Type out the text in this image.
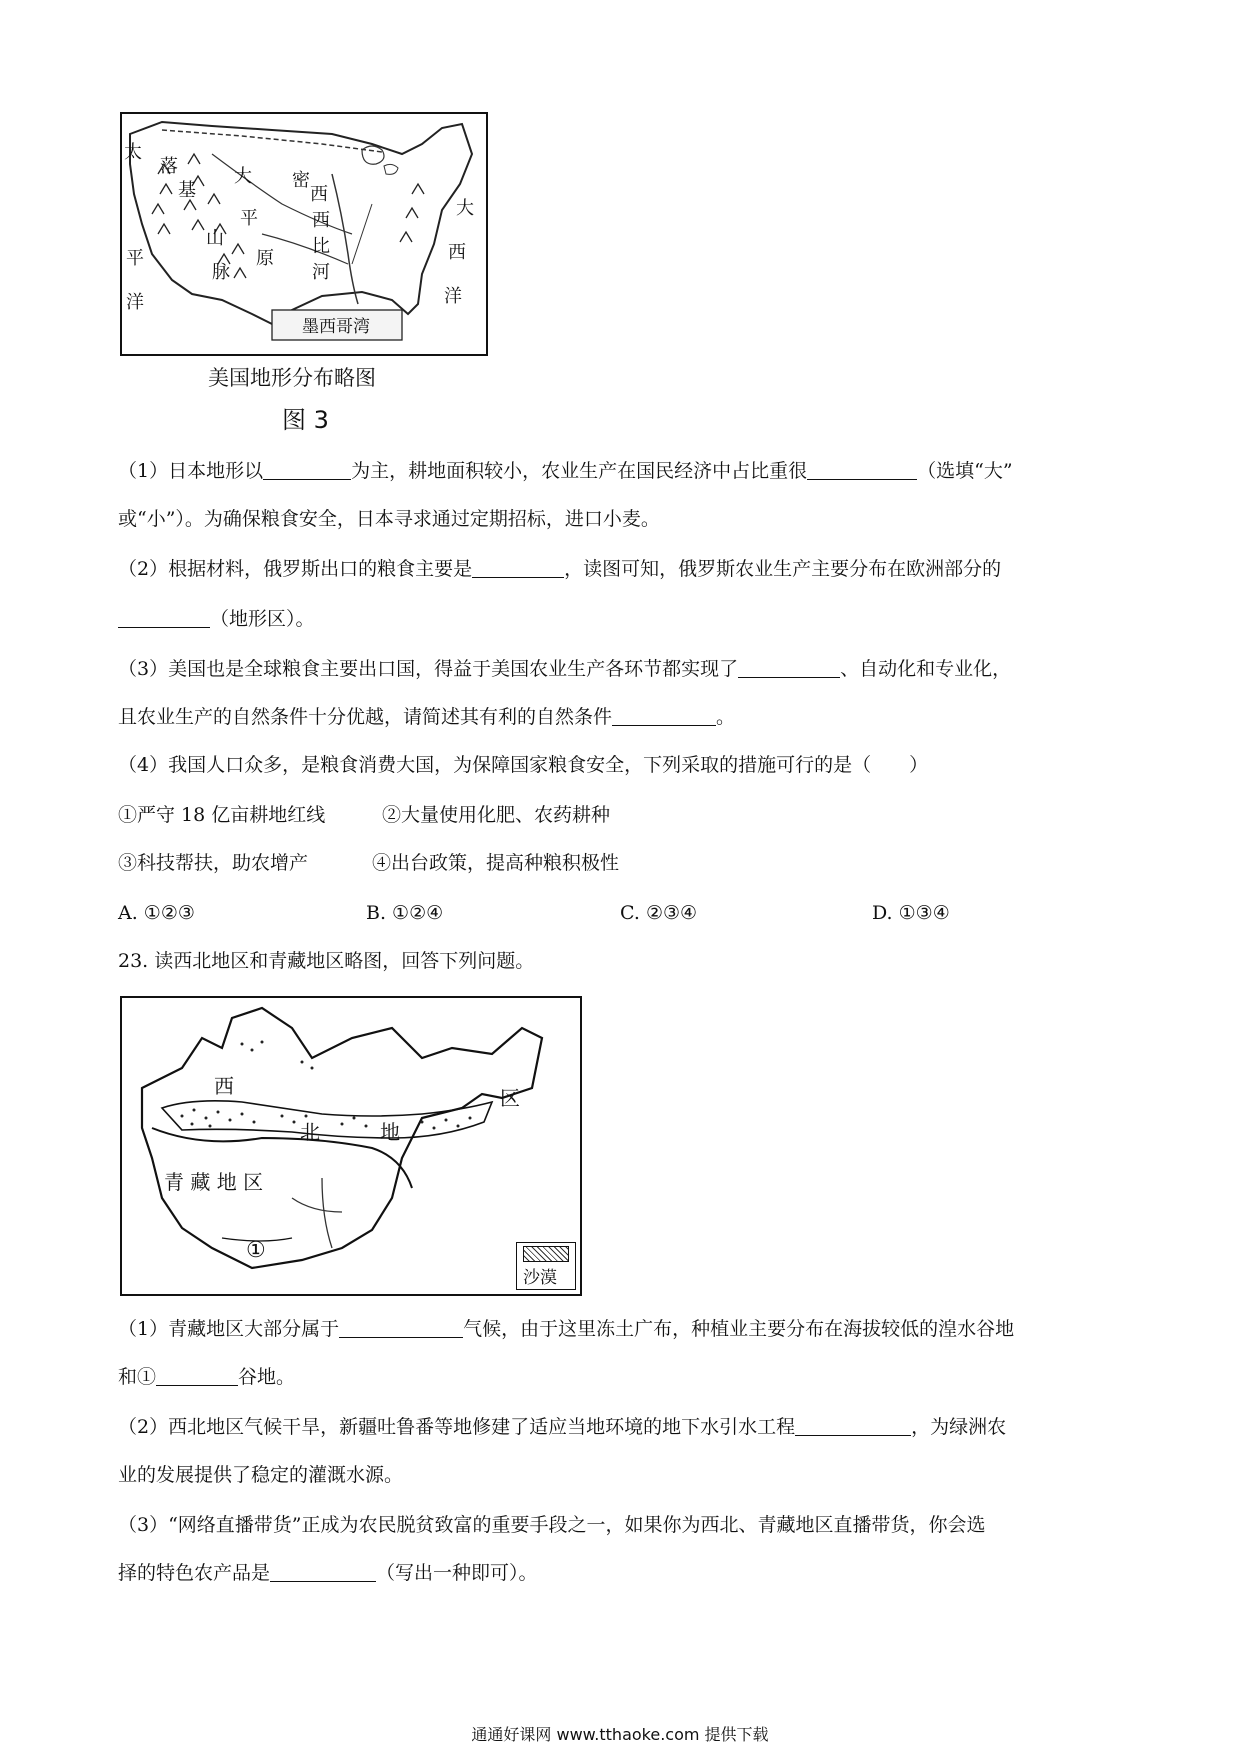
太
平
洋
落
基
山
脉
大
平
原
密
西
西
比
河
大
西
洋
墨西哥湾
美国地形分布略图
图 3
（1）日本地形以	为主，耕地面积较小，农业生产在国民经济中占比重很	（选填“大”
或“小”）。为确保粮食安全，日本寻求通过定期招标，进口小麦。
（2）根据材料，俄罗斯出口的粮食主要是	，读图可知，俄罗斯农业生产主要分布在欧洲部分的
（地形区）。
（3）美国也是全球粮食主要出口国，得益于美国农业生产各环节都实现了	、自动化和专业化，
且农业生产的自然条件十分优越，请简述其有利的自然条件	。
（4）我国人口众多，是粮食消费大国，为保障国家粮食安全，下列采取的措施可行的是（　　）
①严守 18 亿亩耕地红线	②大量使用化肥、农药耕种
③科技帮扶，助农增产	④出台政策，提高种粮积极性
A. ①②③	B. ①②④	C. ②③④	D. ①③④
23. 读西北地区和青藏地区略图，回答下列问题。
西
北	地
区
青 藏 地 区
①
沙漠
（1）青藏地区大部分属于	气候，由于这里冻土广布，种植业主要分布在海拔较低的湟水谷地
和①	谷地。
（2）西北地区气候干旱，新疆吐鲁番等地修建了适应当地环境的地下水引水工程	，为绿洲农
业的发展提供了稳定的灌溉水源。
（3）“网络直播带货”正成为农民脱贫致富的重要手段之一，如果你为西北、青藏地区直播带货，你会选
择的特色农产品是	（写出一种即可）。
通通好课网 www.tthaoke.com 提供下载
